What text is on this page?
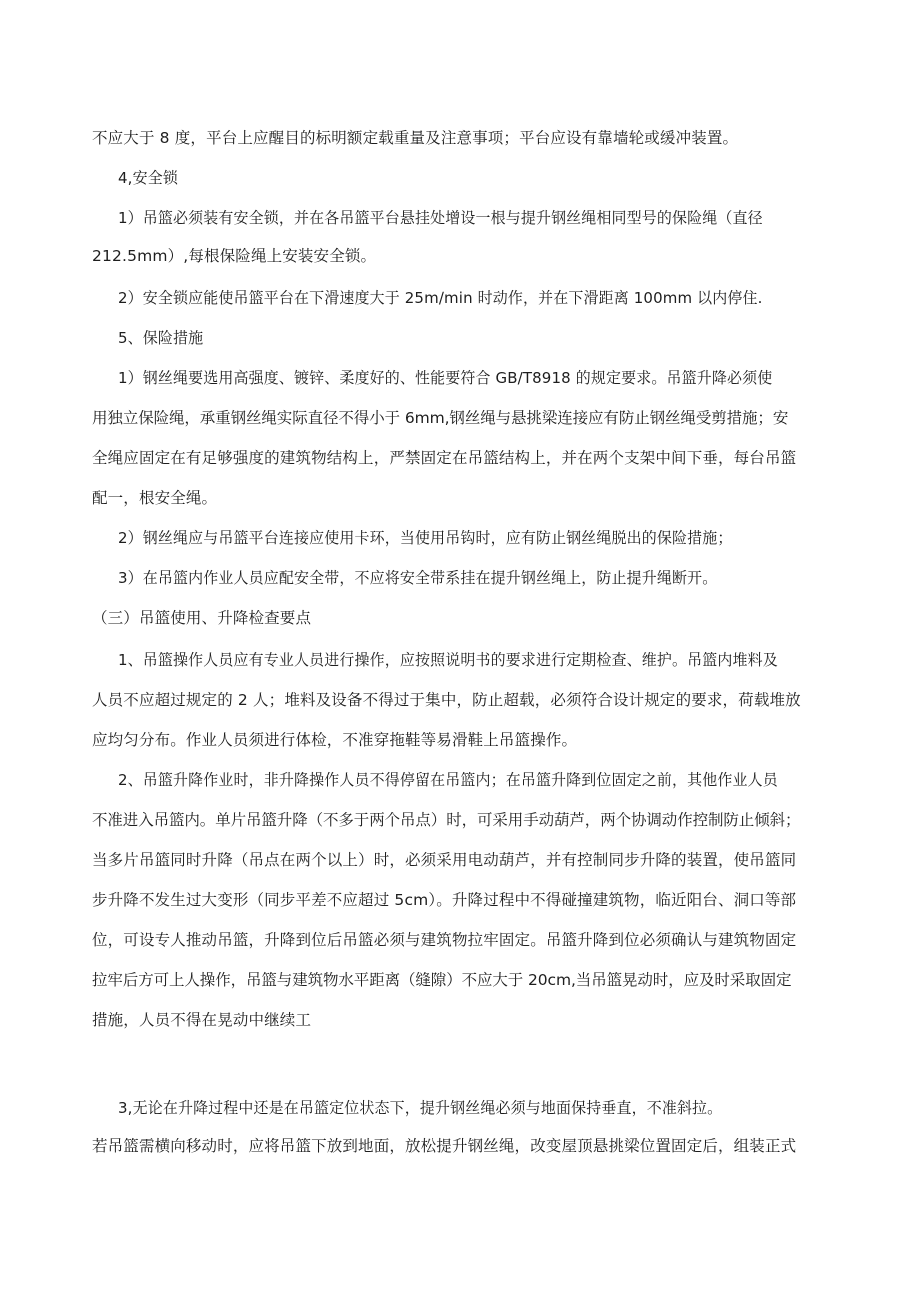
不应大于 8 度，平台上应醒目的标明额定载重量及注意事项；平台应设有靠墙轮或缓冲装置。
4,安全锁
1）吊篮必须装有安全锁，并在各吊篮平台悬挂处增设一根与提升钢丝绳相同型号的保险绳（直径
212.5mm）,每根保险绳上安装安全锁。
2）安全锁应能使吊篮平台在下滑速度大于 25m∕min 时动作，并在下滑距离 100mm 以内停住.
5、保险措施
1）钢丝绳要选用高强度、镀锌、柔度好的、性能要符合 GB/T8918 的规定要求。吊篮升降必须使
用独立保险绳，承重钢丝绳实际直径不得小于 6mm,钢丝绳与悬挑梁连接应有防止钢丝绳受剪措施；安
全绳应固定在有足够强度的建筑物结构上，严禁固定在吊篮结构上，并在两个支架中间下垂，每台吊篮
配一，根安全绳。
2）钢丝绳应与吊篮平台连接应使用卡环，当使用吊钩时，应有防止钢丝绳脱出的保险措施；
3）在吊篮内作业人员应配安全带，不应将安全带系挂在提升钢丝绳上，防止提升绳断开。
（三）吊篮使用、升降检查要点
1、吊篮操作人员应有专业人员进行操作，应按照说明书的要求进行定期检查、维护。吊篮内堆料及
人员不应超过规定的 2 人；堆料及设备不得过于集中，防止超载，必须符合设计规定的要求，荷载堆放
应均匀分布。作业人员须进行体检，不准穿拖鞋等易滑鞋上吊篮操作。
2、吊篮升降作业时，非升降操作人员不得停留在吊篮内；在吊篮升降到位固定之前，其他作业人员
不准进入吊篮内。单片吊篮升降（不多于两个吊点）时，可采用手动葫芦，两个协调动作控制防止倾斜；
当多片吊篮同时升降（吊点在两个以上）时，必须采用电动葫芦，并有控制同步升降的装置，使吊篮同
步升降不发生过大变形（同步平差不应超过 5cm）。升降过程中不得碰撞建筑物，临近阳台、洞口等部
位，可设专人推动吊篮，升降到位后吊篮必须与建筑物拉牢固定。吊篮升降到位必须确认与建筑物固定
拉牢后方可上人操作，吊篮与建筑物水平距离（缝隙）不应大于 20cm,当吊篮晃动时，应及时采取固定
措施，人员不得在晃动中继续工
3,无论在升降过程中还是在吊篮定位状态下，提升钢丝绳必须与地面保持垂直，不准斜拉。
若吊篮需横向移动时，应将吊篮下放到地面，放松提升钢丝绳，改变屋顶悬挑梁位置固定后，组装正式
